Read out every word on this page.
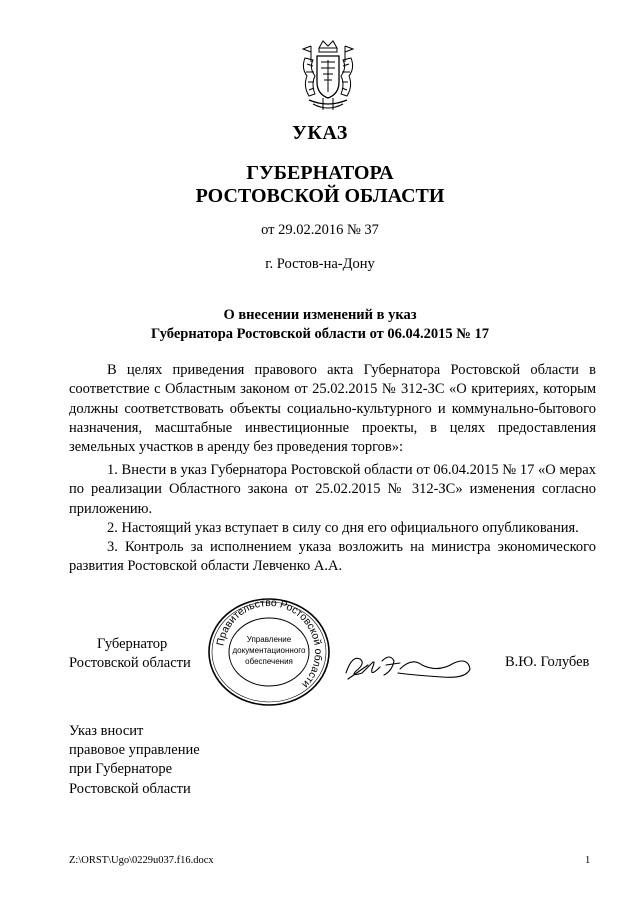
УКАЗ
ГУБЕРНАТОРА
РОСТОВСКОЙ ОБЛАСТИ
от 29.02.2016 № 37
г. Ростов-на-Дону
О внесении изменений в указ
Губернатора Ростовской области от 06.04.2015 № 17
В целях приведения правового акта Губернатора Ростовской области в соответствие с Областным законом от 25.02.2015 № 312-ЗС «О критериях, которым должны соответствовать объекты социально-культурного и коммунально-бытового назначения, масштабные инвестиционные проекты, в целях предоставления земельных участков в аренду без проведения торгов»:
1. Внести в указ Губернатора Ростовской области от 06.04.2015 № 17 «О мерах по реализации Областного закона от 25.02.2015 № 312-ЗС» изменения согласно приложению.
2. Настоящий указ вступает в силу со дня его официального опубликования.
3. Контроль за исполнением указа возложить на министра экономического развития Ростовской области Левченко А.А.
Губернатор
Ростовской области
Правительство Ростовской области
Управление
документационного
обеспечения	В.Ю. Голубев
Указ вносит
правовое управление
при Губернаторе
Ростовской области
Z:\ORST\Ugo\0229u037.f16.docx	1
